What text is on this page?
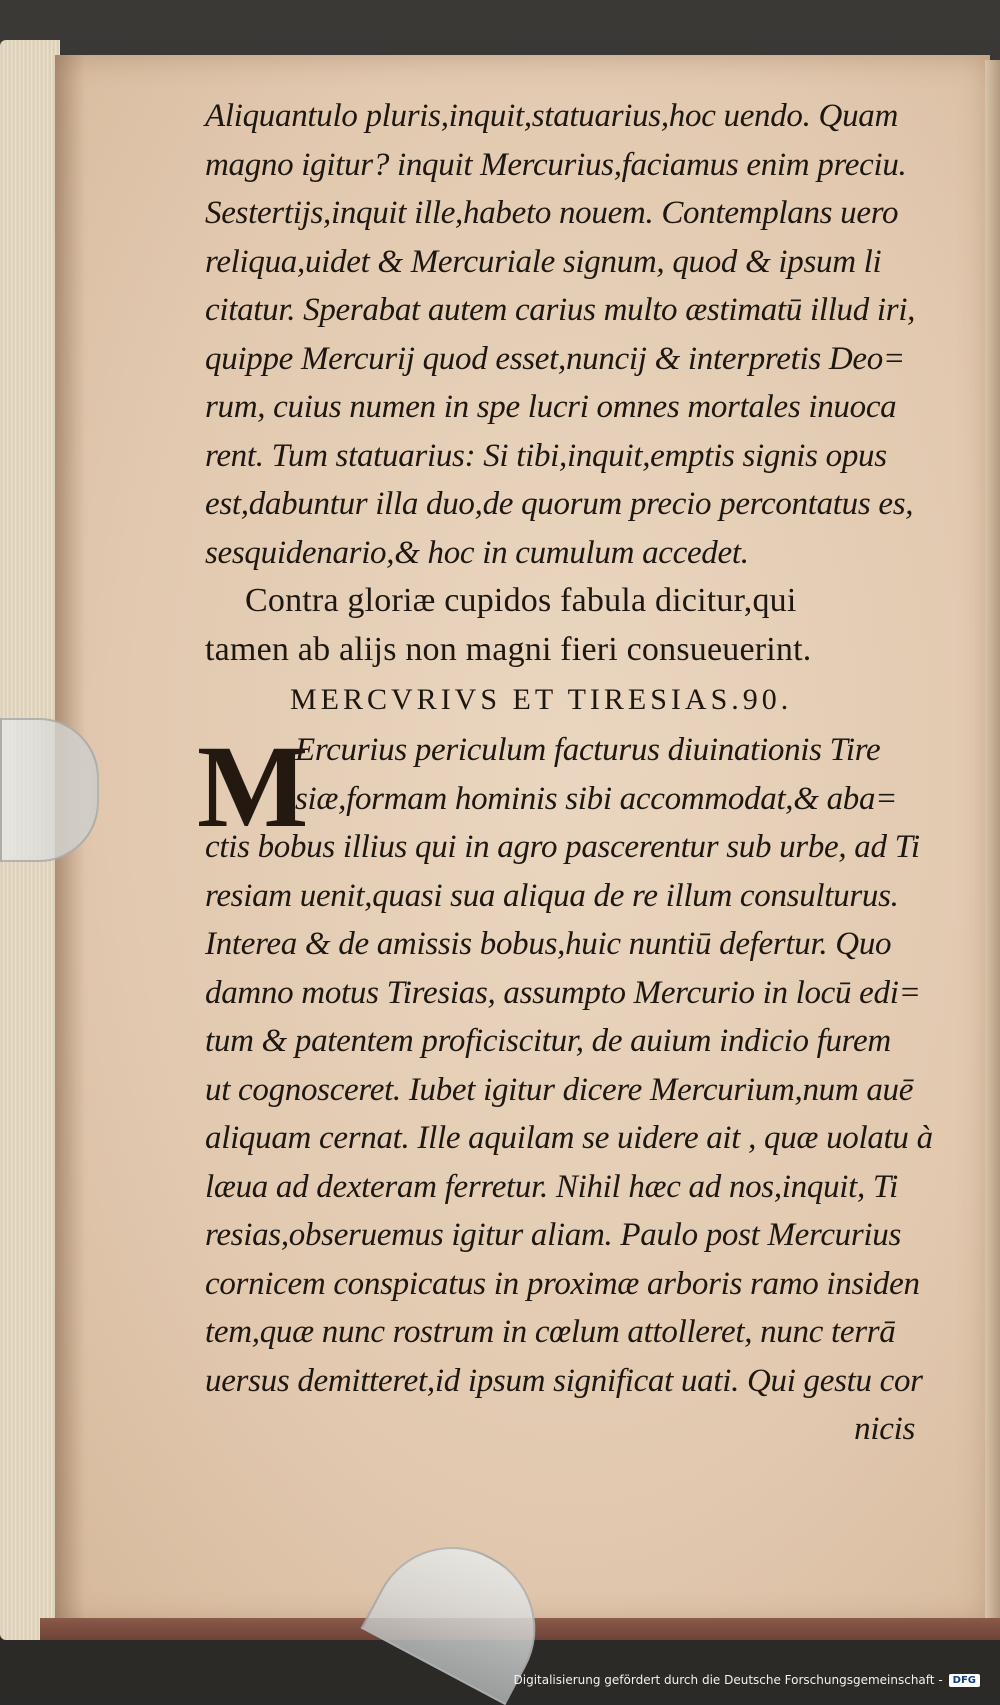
Aliquantulo pluris,inquit,statuarius,hoc uendo. Quam
magno igitur? inquit Mercurius,faciamus enim preciu.
Sestertijs,inquit ille,habeto nouem. Contemplans uero
reliqua,uidet & Mercuriale signum, quod & ipsum li
citatur. Sperabat autem carius multo æstimatū illud iri,
quippe Mercurij quod esset,nuncij & interpretis Deo=
rum, cuius numen in spe lucri omnes mortales inuoca
rent. Tum statuarius: Si tibi,inquit,emptis signis opus
est,dabuntur illa duo,de quorum precio percontatus es,
sesquidenario,& hoc in cumulum accedet.
Contra gloriæ cupidos fabula dicitur,qui
tamen ab alijs non magni fieri consueuerint.
MERCVRIVS ET TIRESIAS.90.
M
Ercurius periculum facturus diuinationis Tire
siæ,formam hominis sibi accommodat,& aba=
ctis bobus illius qui in agro pascerentur sub urbe, ad Ti
resiam uenit,quasi sua aliqua de re illum consulturus.
Interea & de amissis bobus,huic nuntiū defertur. Quo
damno motus Tiresias, assumpto Mercurio in locū edi=
tum & patentem proficiscitur, de auium indicio furem
ut cognosceret. Iubet igitur dicere Mercurium,num auē
aliquam cernat. Ille aquilam se uidere ait , quæ uolatu à
læua ad dexteram ferretur. Nihil hæc ad nos,inquit, Ti
resias,obseruemus igitur aliam. Paulo post Mercurius
cornicem conspicatus in proximæ arboris ramo insiden
tem,quæ nunc rostrum in cœlum attolleret, nunc terrā
uersus demitteret,id ipsum significat uati. Qui gestu cor
nicis
Digitalisierung gefördert durch die Deutsche Forschungsgemeinschaft -	DFG
